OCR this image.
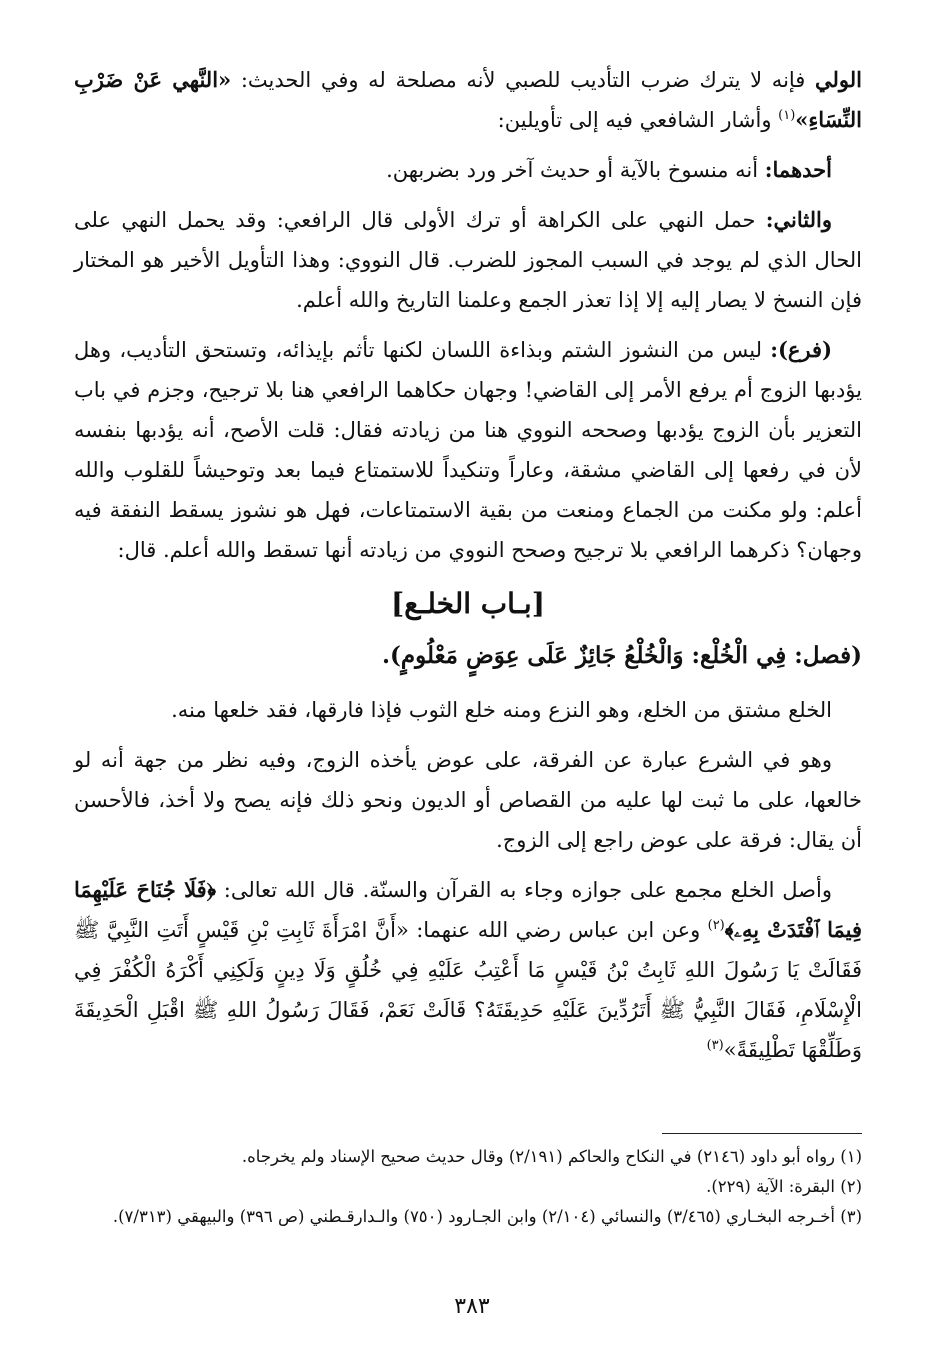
الولي فإنه لا يترك ضرب التأديب للصبي لأنه مصلحة له وفي الحديث: «النَّهي عَنْ ضَرْبِ النِّسَاءِ»$^{(١)}$ وأشار الشافعي فيه إلى تأويلين:

أحدهما: أنه منسوخ بالآية أو حديث آخر ورد بضربهن.

والثاني: حمل النهي على الكراهة أو ترك الأولى قال الرافعي: وقد يحمل النهي على الحال الذي لم يوجد في السبب المجوز للضرب. قال النووي: وهذا التأويل الأخير هو المختار فإن النسخ لا يصار إليه إلا إذا تعذر الجمع وعلمنا التاريخ والله أعلم.

(فرع): ليس من النشوز الشتم وبذاءة اللسان لكنها تأثم بإيذائه، وتستحق التأديب، وهل يؤدبها الزوج أم يرفع الأمر إلى القاضي! وجهان حكاهما الرافعي هنا بلا ترجيح، وجزم في باب التعزير بأن الزوج يؤدبها وصححه النووي هنا من زيادته فقال: قلت الأصح، أنه يؤدبها بنفسه لأن في رفعها إلى القاضي مشقة، وعاراً وتنكيداً للاستمتاع فيما بعد وتوحيشاً للقلوب والله أعلم: ولو مكنت من الجماع ومنعت من بقية الاستمتاعات، فهل هو نشوز يسقط النفقة فيه وجهان؟ ذكرهما الرافعي بلا ترجيح وصحح النووي من زيادته أنها تسقط والله أعلم. قال:

[بـاب الخلـع]

(فصل: فِي الْخُلْع: وَالْخُلْعُ جَائِزٌ عَلَى عِوَضٍ مَعْلُومٍ).

الخلع مشتق من الخلع، وهو النزع ومنه خلع الثوب فإذا فارقها، فقد خلعها منه.

وهو في الشرع عبارة عن الفرقة، على عوض يأخذه الزوج، وفيه نظر من جهة أنه لو خالعها، على ما ثبت لها عليه من القصاص أو الديون ونحو ذلك فإنه يصح ولا أخذ، فالأحسن أن يقال: فرقة على عوض راجع إلى الزوج.

وأصل الخلع مجمع على جوازه وجاء به القرآن والسنّة. قال الله تعالى: ﴿فَلَا جُنَاحَ عَلَيْهِمَا فِيمَا ٱفْتَدَتْ بِهِۦ﴾$^{(٢)}$ وعن ابن عباس رضي الله عنهما: «أَنَّ امْرَأَةَ ثَابِتِ بْنِ قَيْسٍ أَتَتِ النَّبِيَّ ﷺ فَقَالَتْ يَا رَسُولَ اللهِ ثَابِتُ بْنُ قَيْسٍ مَا أَعْتِبُ عَلَيْهِ فِي خُلُقٍ وَلَا دِينٍ وَلَكِنِي أَكْرَهُ الْكُفْرَ فِي الْإِسْلَامِ، فَقَالَ النَّبِيُّ ﷺ أَتَرُدِّينَ عَلَيْهِ حَدِيقَتَهُ؟ قَالَتْ نَعَمْ، فَقَالَ رَسُولُ اللهِ ﷺ اقْبَلِ الْحَدِيقَةَ وَطَلِّقْهَا تَطْلِيقَةً»$^{(٣)}$

(١) رواه أبو داود (٢١٤٦) في النكاح والحاكم (٢/١٩١) وقال حديث صحيح الإسناد ولم يخرجاه.

(٢) البقرة: الآية (٢٢٩).

(٣) أخـرجه البخـاري (٣/٤٦٥) والنسائي (٢/١٠٤) وابن الجـارود (٧٥٠) والـدارقـطني (ص ٣٩٦) والبيهقي (٧/٣١٣).

٣٨٣
